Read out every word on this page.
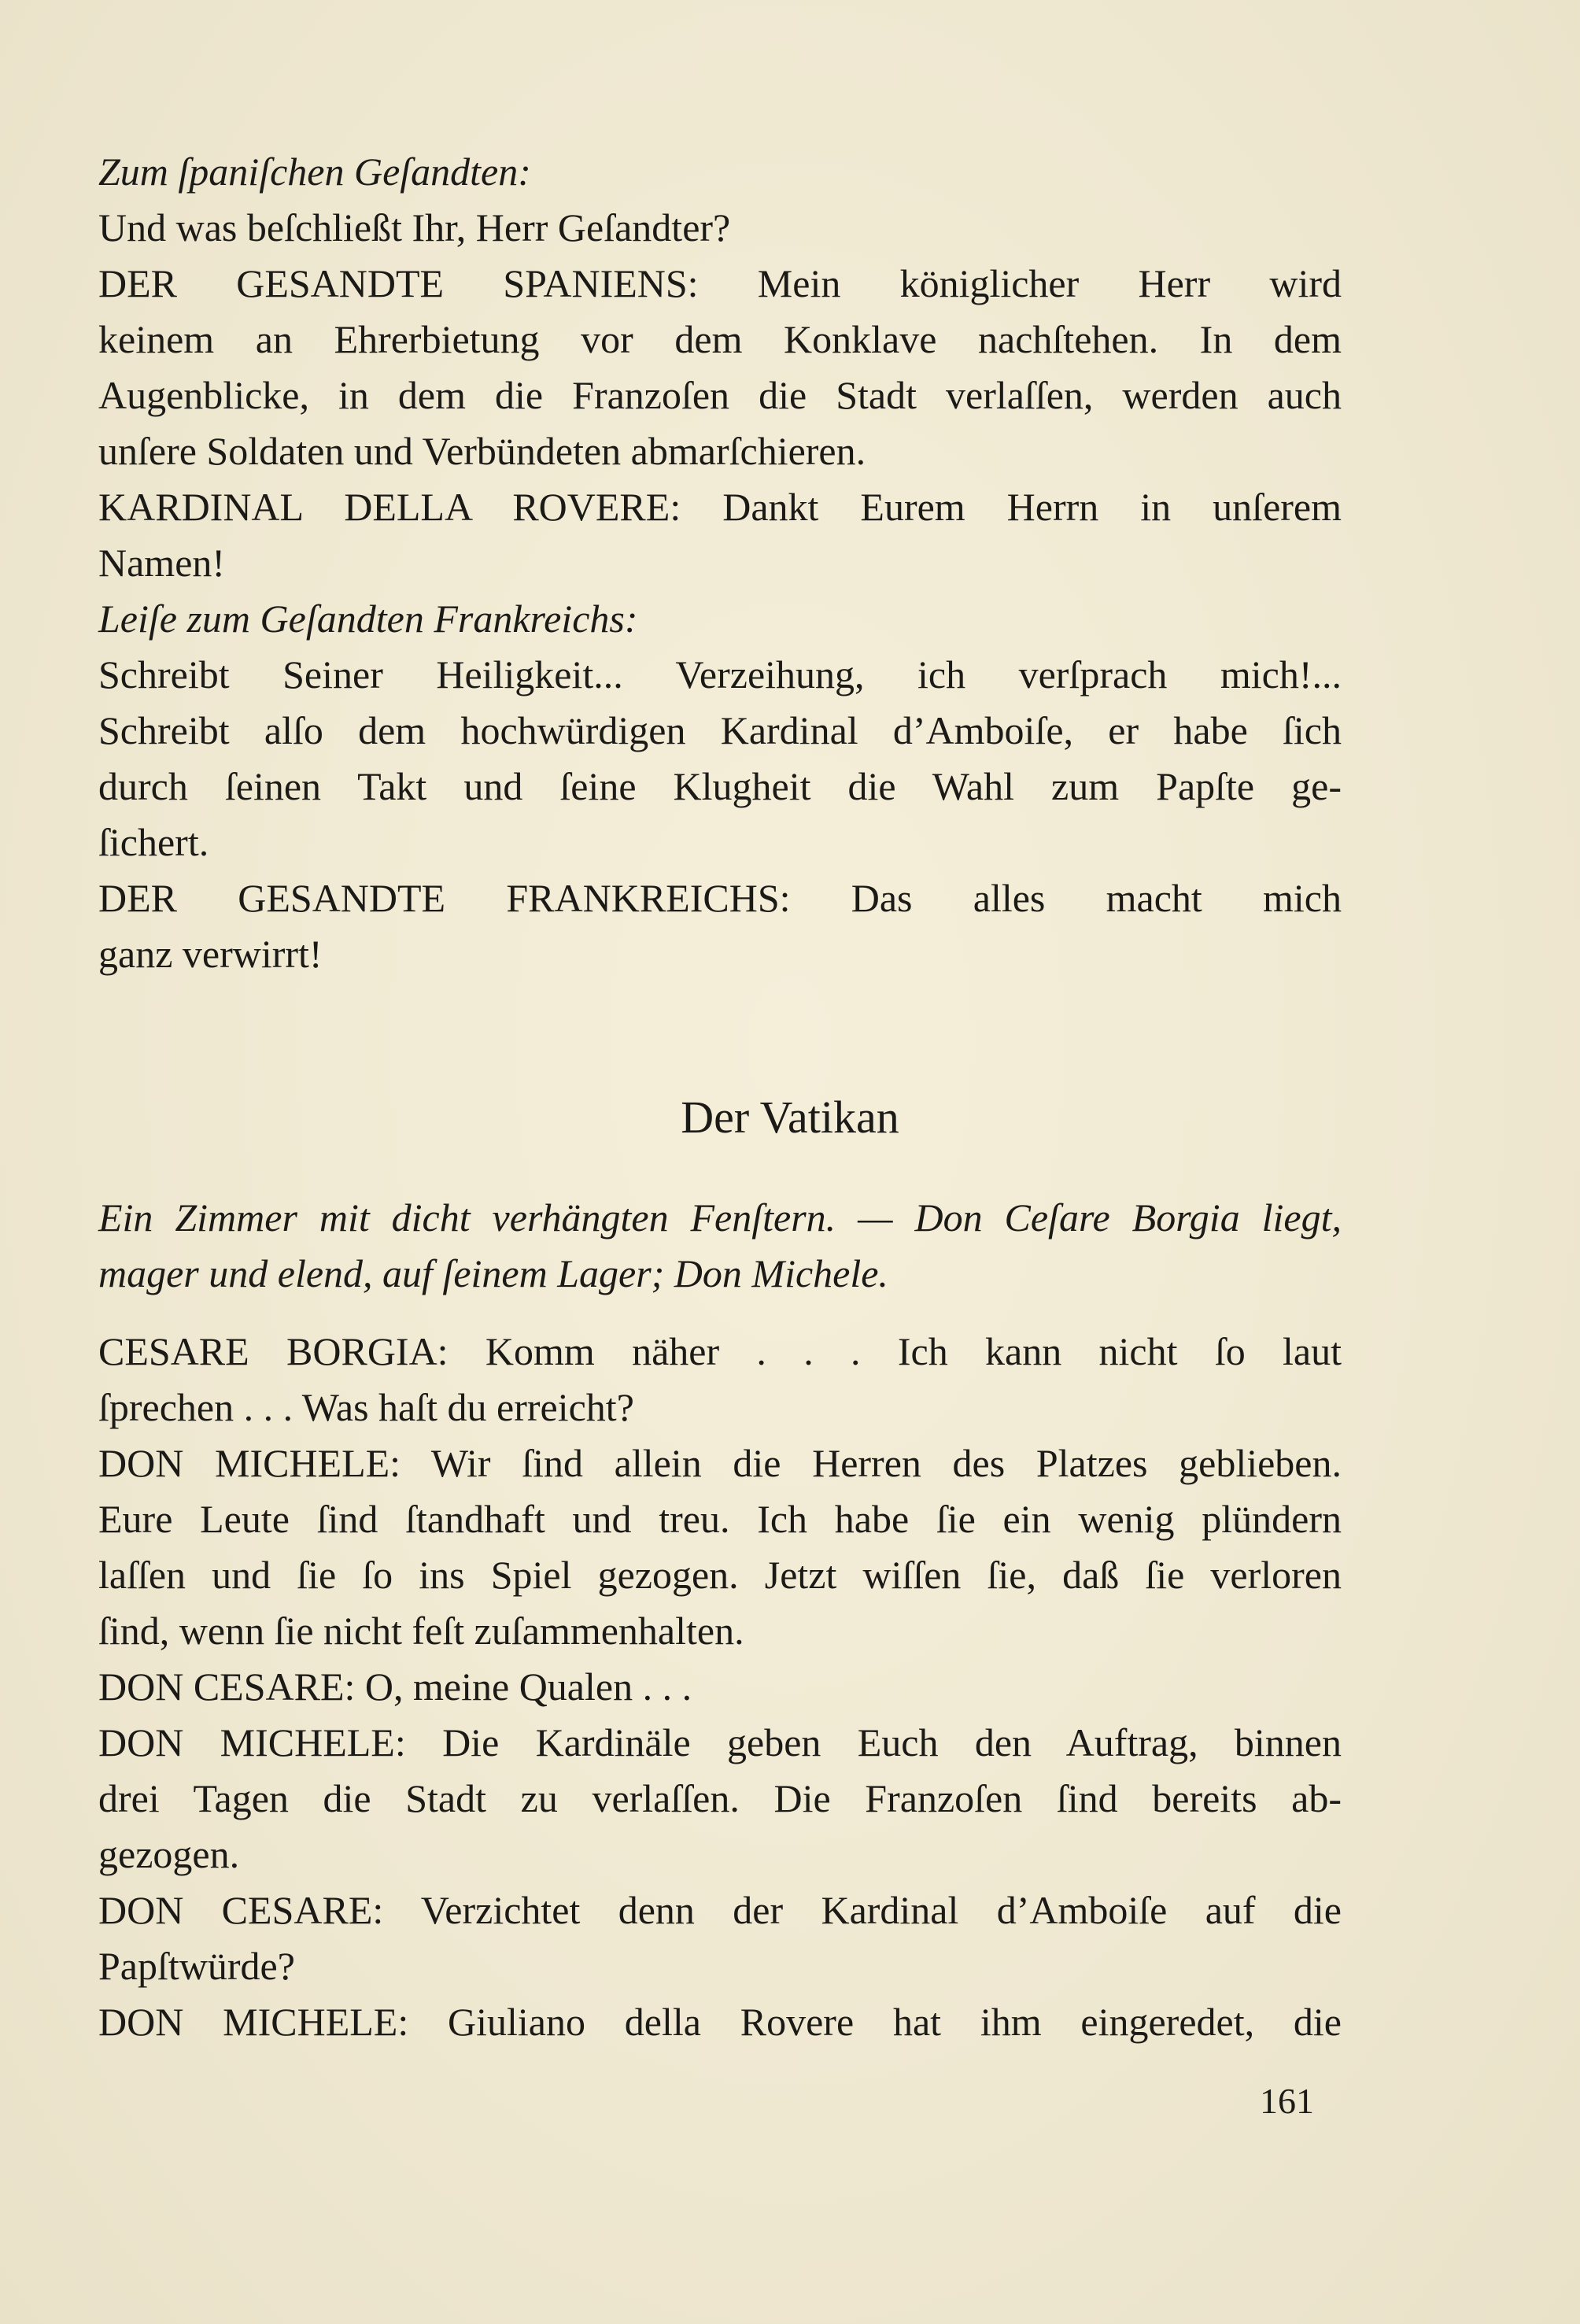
Zum ſpaniſchen Geſandten:
Und was beſchließt Ihr, Herr Geſandter?
DER GESANDTE SPANIENS: Mein königlicher Herr wird
keinem an Ehrerbietung vor dem Konklave nachſtehen. In dem
Augenblicke, in dem die Franzoſen die Stadt verlaſſen, werden auch
unſere Soldaten und Verbündeten abmarſchieren.
KARDINAL DELLA ROVERE: Dankt Eurem Herrn in unſerem
Namen!
Leiſe zum Geſandten Frankreichs:
Schreibt Seiner Heiligkeit... Verzeihung, ich verſprach mich!...
Schreibt alſo dem hochwürdigen Kardinal d’Amboiſe, er habe ſich
durch ſeinen Takt und ſeine Klugheit die Wahl zum Papſte ge-
ſichert.
DER GESANDTE FRANKREICHS: Das alles macht mich
ganz verwirrt!
Der Vatikan
Ein Zimmer mit dicht verhängten Fenſtern. — Don Ceſare Borgia liegt,
mager und elend, auf ſeinem Lager; Don Michele.
CESARE BORGIA: Komm näher . . . Ich kann nicht ſo laut
ſprechen . . . Was haſt du erreicht?
DON MICHELE: Wir ſind allein die Herren des Platzes geblieben.
Eure Leute ſind ſtandhaft und treu. Ich habe ſie ein wenig plündern
laſſen und ſie ſo ins Spiel gezogen. Jetzt wiſſen ſie, daß ſie verloren
ſind, wenn ſie nicht feſt zuſammenhalten.
DON CESARE: O, meine Qualen . . .
DON MICHELE: Die Kardinäle geben Euch den Auftrag, binnen
drei Tagen die Stadt zu verlaſſen. Die Franzoſen ſind bereits ab-
gezogen.
DON CESARE: Verzichtet denn der Kardinal d’Amboiſe auf die
Papſtwürde?
DON MICHELE: Giuliano della Rovere hat ihm eingeredet, die
161
